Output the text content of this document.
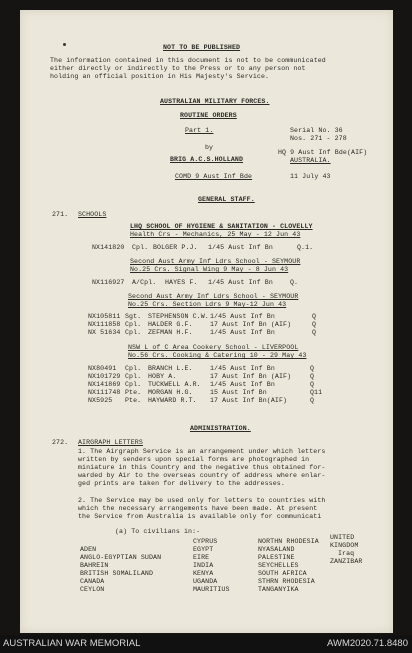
NOT TO BE PUBLISHED
The information contained in this document is not to be communicated
either directly or indirectly to the Press or to any person not
holding an official position in His Majesty's Service.
AUSTRALIAN MILITARY FORCES.
ROUTINE ORDERS
Part 1.	Serial No. 36
Nos. 271 - 278
by
HQ 9 Aust Inf Bde(AIF)
BRIG A.C.S.HOLLAND	AUSTRALIA.
COMD 9 Aust Inf Bde	11 July 43
GENERAL STAFF.
271. SCHOOLS
LHQ SCHOOL OF HYGIENE & SANITATION - CLOVELLY
Health Crs - Mechanics, 25 May - 12 Jun 43
NX141820 Cpl. BOLGER P.J. 1/45 Aust Inf Bn	Q.1.
Second Aust Army Inf Ldrs School - SEYMOUR
No.25 Crs. Signal Wing 9 May - 8 Jun 43
NX116927 A/Cpl. HAYES F. 1/45 Aust Inf Bn	Q.
Second Aust Army Inf Ldrs School - SEYMOUR
No.25 Crs. Section Ldrs 9 May-12 Jun 43
NX105811 Sgt. STEPHENSON C.W. 1/45 Aust Inf Bn	Q
NX111858 Cpl. HALDER G.F.	17 Aust Inf Bn (AIF)	Q
NX 51634 Cpl. ZEFMAN H.F.	1/45 Aust Inf Bn	Q
NSW L of C Area Cookery School - LIVERPOOL
No.56 Crs. Cooking & Catering 10 - 29 May 43
NX80491 Cpl. BRANCH L.E.	1/45 Aust Inf Bn	Q
NX101729 Cpl. HOBY A.	17 Aust Inf Bn (AIF)	Q
NX141869 Cpl. TUCKWELL A.R. 1/45 Aust Inf Bn	Q
NX111748 Pte. MORGAN H.G.	15 Aust Inf Bn	Q11
NX5925 Pte. HAYWARD R.T. 17 Aust Inf Bn(AIF)	Q
ADMINISTRATION.
272. AIRGRAPH LETTERS
1. The Airgraph Service is an arrangement under which letters
written by senders upon special forms are photographed in
miniature in this Country and the negative thus obtained for-
warded by Air to the overseas country of address where enlar-
ged prints are taken for delivery to the addresses.
2. The Service may be used only for letters to countries with
which the necessary arrangements have been made. At present
the Service from Australia is available only for communicati
(a) To civilians in:-
ADEN
ANGLO-EGYPTIAN SUDAN
BAHREIN
BRITISH SOMALILAND
CANADA
CEYLON
CYPRUS
EGYPT
EIRE
INDIA
KENYA
UGANDA
MAURITIUS
NORTHN RHODESIA
NYASALAND
PALESTINE
SEYCHELLES
SOUTH AFRICA
STHRN RHODESIA
TANGANYIKA
UNITED
KINGDOM
Iraq
ZANZIBAR
AUSTRALIAN WAR MEMORIAL	AWM2020.71.8480
